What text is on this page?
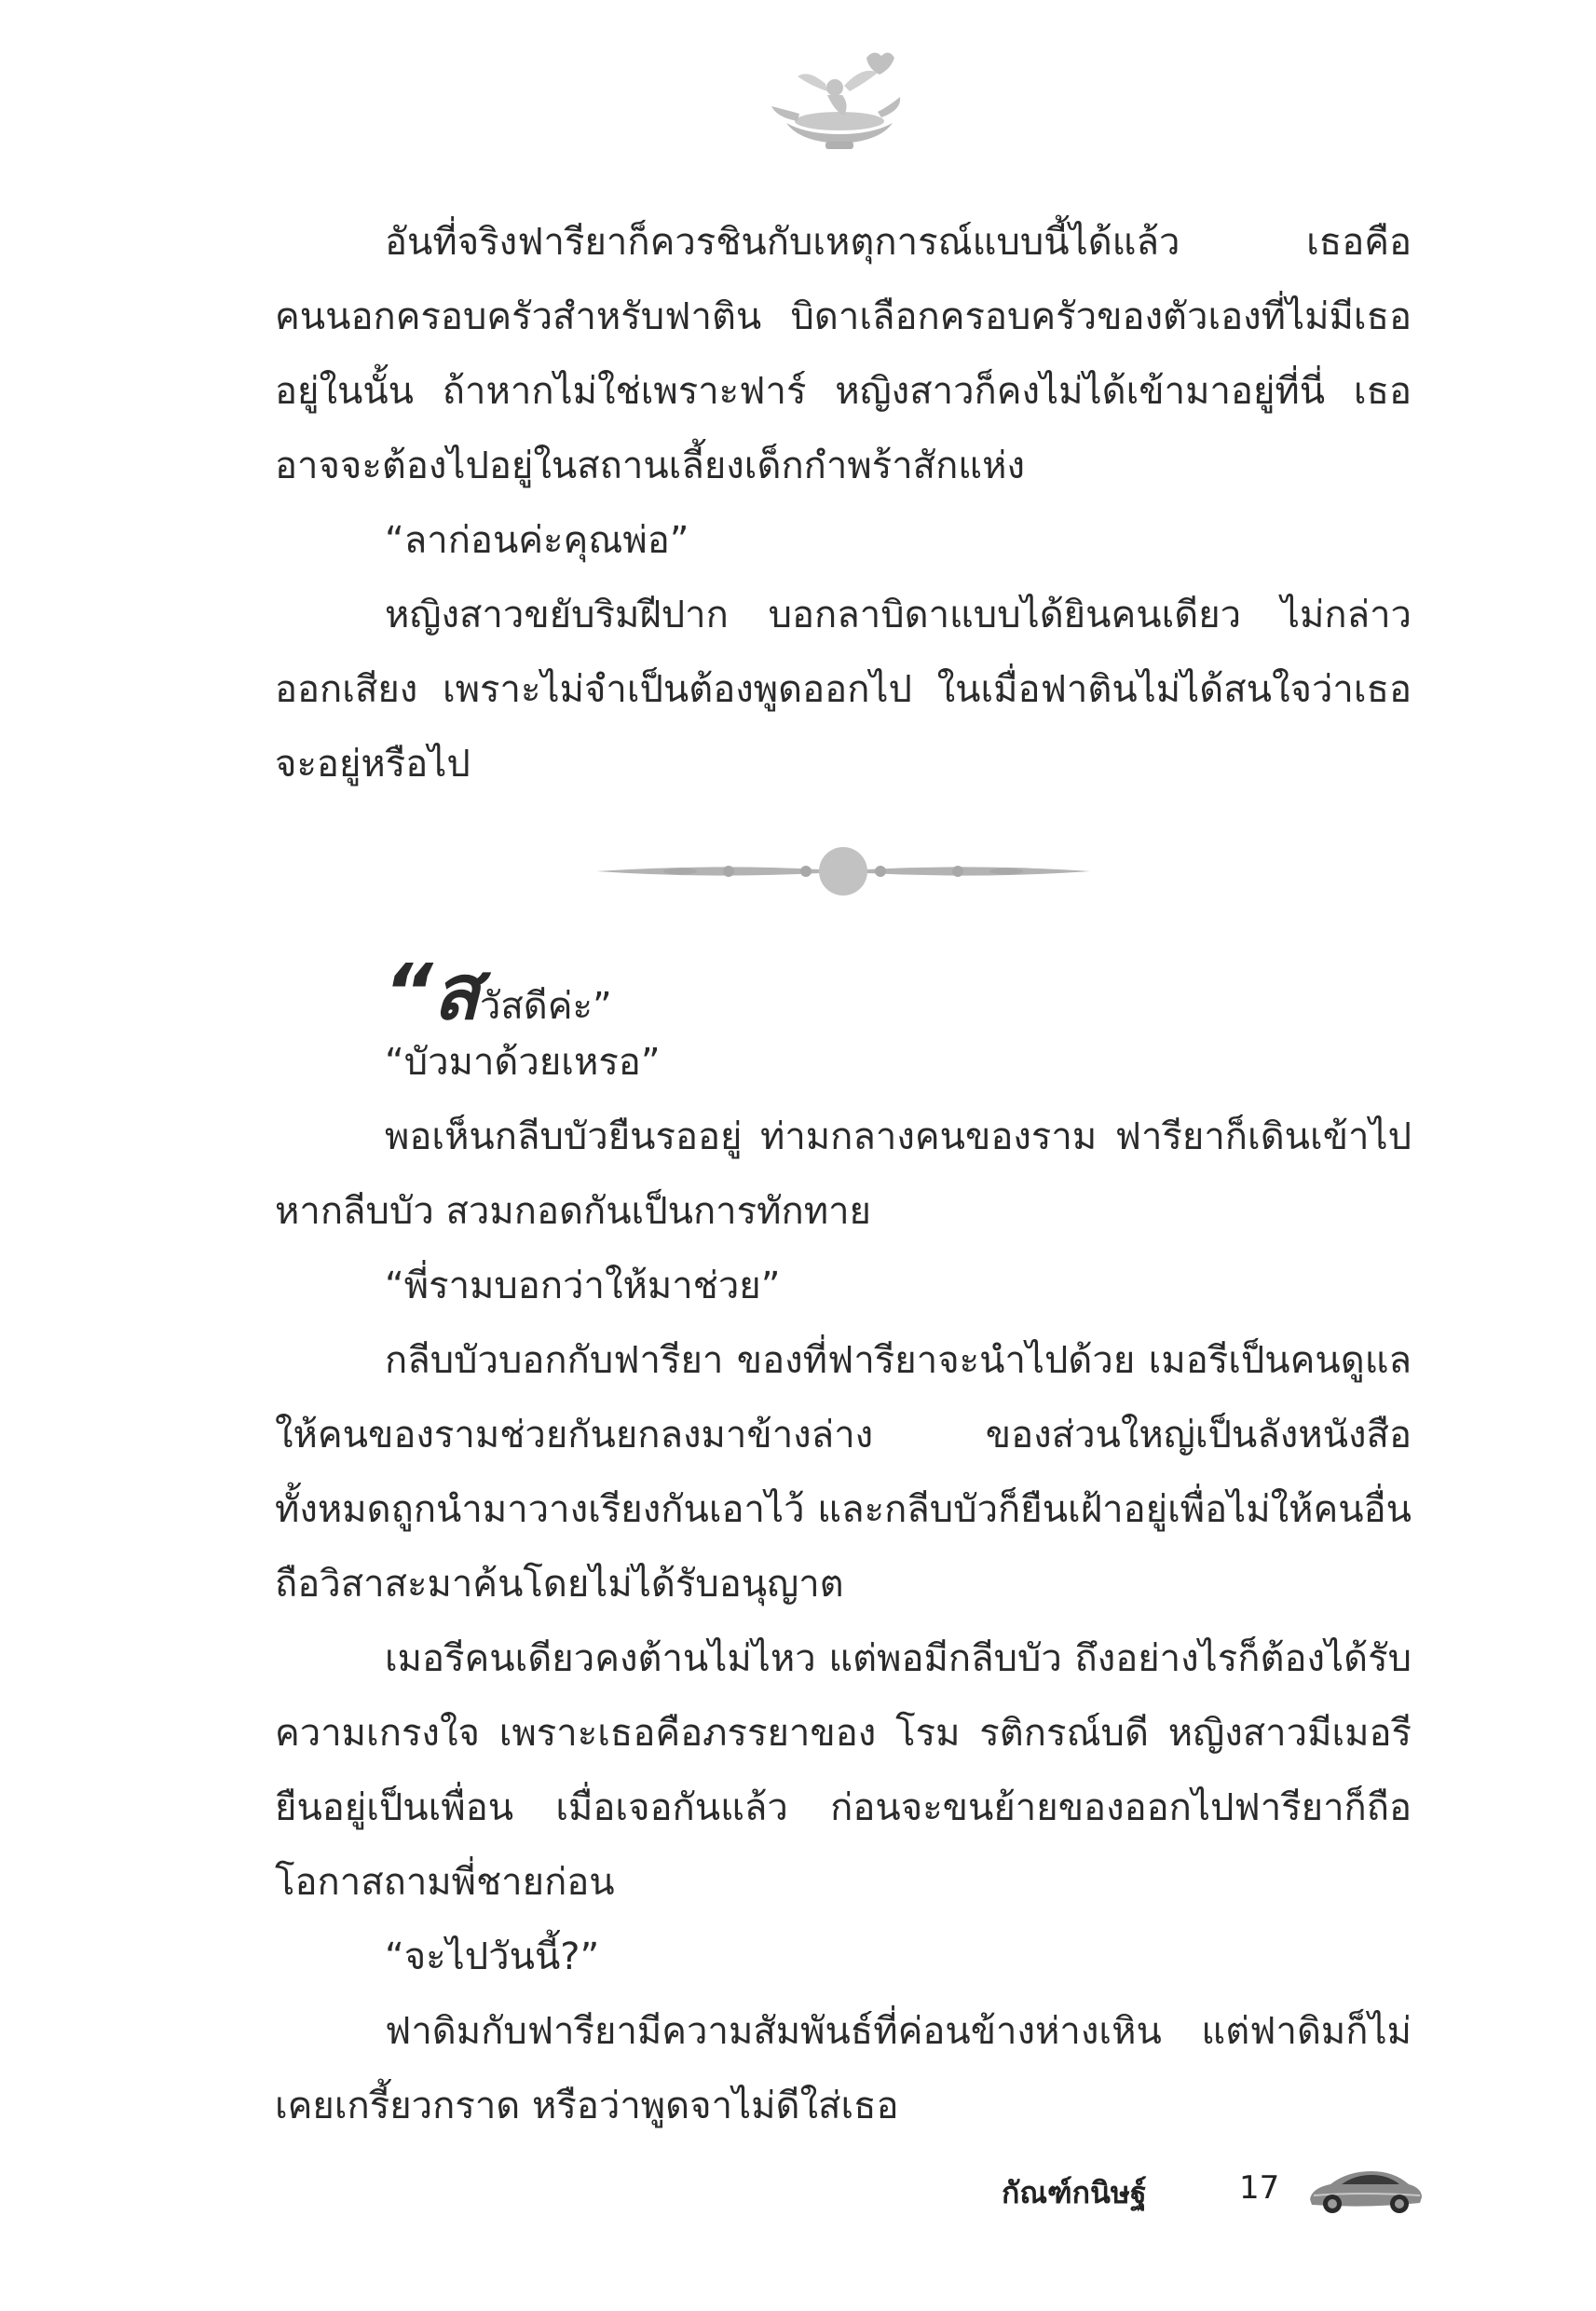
อันที่จริงฟารียาก็ควรชินกับเหตุการณ์แบบนี้ได้แล้ว เธอคือคนนอกครอบครัวสำหรับฟาติน บิดาเลือกครอบครัวของตัวเองที่ไม่มีเธออยู่ในนั้น ถ้าหากไม่ใช่เพราะฟาร์ หญิงสาวก็คงไม่ได้เข้ามาอยู่ที่นี่ เธออาจจะต้องไปอยู่ในสถานเลี้ยงเด็กกำพร้าสักแห่ง

“ลาก่อนค่ะคุณพ่อ”

หญิงสาวขยับริมฝีปาก บอกลาบิดาแบบได้ยินคนเดียว ไม่กล่าวออกเสียง เพราะไม่จำเป็นต้องพูดออกไป ในเมื่อฟาตินไม่ได้สนใจว่าเธอจะอยู่หรือไป

“สวัสดีค่ะ”

“บัวมาด้วยเหรอ”

พอเห็นกลีบบัวยืนรออยู่ ท่ามกลางคนของราม ฟารียาก็เดินเข้าไปหากลีบบัว สวมกอดกันเป็นการทักทาย

“พี่รามบอกว่าให้มาช่วย”

กลีบบัวบอกกับฟารียา ของที่ฟารียาจะนำไปด้วย เมอรีเป็นคนดูแลให้คนของรามช่วยกันยกลงมาข้างล่าง ของส่วนใหญ่เป็นลังหนังสือ ทั้งหมดถูกนำมาวางเรียงกันเอาไว้ และกลีบบัวก็ยืนเฝ้าอยู่เพื่อไม่ให้คนอื่นถือวิสาสะมาค้นโดยไม่ได้รับอนุญาต

เมอรีคนเดียวคงต้านไม่ไหว แต่พอมีกลีบบัว ถึงอย่างไรก็ต้องได้รับความเกรงใจ เพราะเธอคือภรรยาของ โรม รติกรณ์บดี หญิงสาวมีเมอรียืนอยู่เป็นเพื่อน เมื่อเจอกันแล้ว ก่อนจะขนย้ายของออกไปฟารียาก็ถือโอกาสถามพี่ชายก่อน

“จะไปวันนี้?”

ฟาดิมกับฟารียามีความสัมพันธ์ที่ค่อนข้างห่างเหิน แต่ฟาดิมก็ไม่เคยเกรี้ยวกราด หรือว่าพูดจาไม่ดีใส่เธอ

กัณฑ์กนิษฐ์	17
